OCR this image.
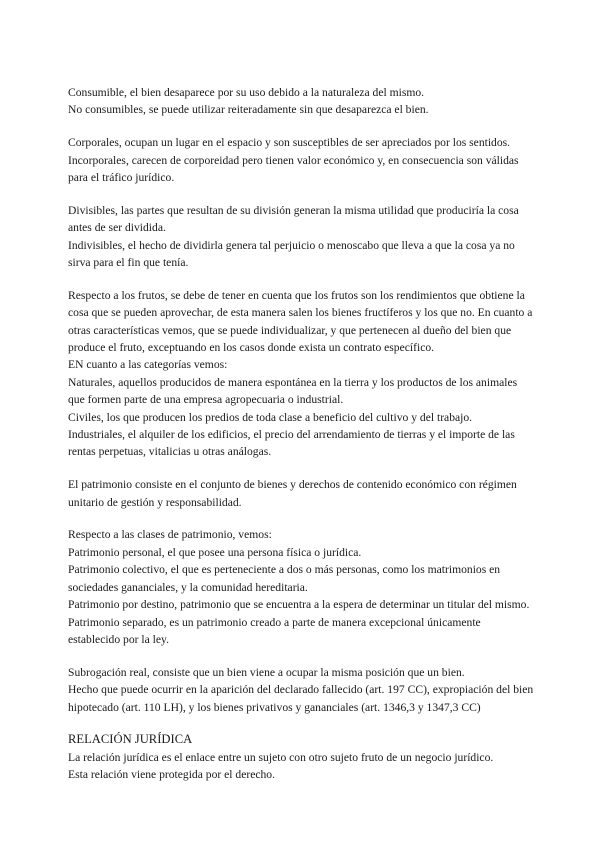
Consumible, el bien desaparece por su uso debido a la naturaleza del mismo.

No consumibles, se puede utilizar reiteradamente sin que desaparezca el bien.

Corporales, ocupan un lugar en el espacio y son susceptibles de ser apreciados por los sentidos.

Incorporales, carecen de corporeidad pero tienen valor económico y, en consecuencia son válidas para el tráfico jurídico.

Divisibles, las partes que resultan de su división generan la misma utilidad que produciría la cosa antes de ser dividida.

Indivisibles, el hecho de dividirla genera tal perjuicio o menoscabo que lleva a que la cosa ya no sirva para el fin que tenía.

Respecto a los frutos, se debe de tener en cuenta que los frutos son los rendimientos que obtiene la cosa que se pueden aprovechar, de esta manera salen los bienes fructíferos y los que no. En cuanto a otras características vemos, que se puede individualizar, y que pertenecen al dueño del bien que produce el fruto, exceptuando en los casos donde exista un contrato específico.

EN cuanto a las categorías vemos:

Naturales, aquellos producidos de manera espontánea en la tierra y los productos de los animales que formen parte de una empresa agropecuaria o industrial.

Civiles, los que producen los predios de toda clase a beneficio del cultivo y del trabajo.

Industriales, el alquiler de los edificios, el precio del arrendamiento de tierras y el importe de las rentas perpetuas, vitalicias u otras análogas.

El patrimonio consiste en el conjunto de bienes y derechos de contenido económico con régimen unitario de gestión y responsabilidad.

Respecto a las clases de patrimonio, vemos:

Patrimonio personal, el que posee una persona física o jurídica.

Patrimonio colectivo, el que es perteneciente a dos o más personas, como los matrimonios en sociedades gananciales, y la comunidad hereditaria.

Patrimonio por destino, patrimonio que se encuentra a la espera de determinar un titular del mismo.

Patrimonio separado, es un patrimonio creado a parte de manera excepcional únicamente establecido por la ley.

Subrogación real, consiste que un bien viene a ocupar la misma posición que un bien.

Hecho que puede ocurrir en la aparición del declarado fallecido (art. 197 CC), expropiación del bien hipotecado (art. 110 LH), y los bienes privativos y gananciales (art. 1346,3 y 1347,3 CC)

RELACIÓN JURÍDICA

La relación jurídica es el enlace entre un sujeto con otro sujeto fruto de un negocio jurídico.

Esta relación viene protegida por el derecho.
